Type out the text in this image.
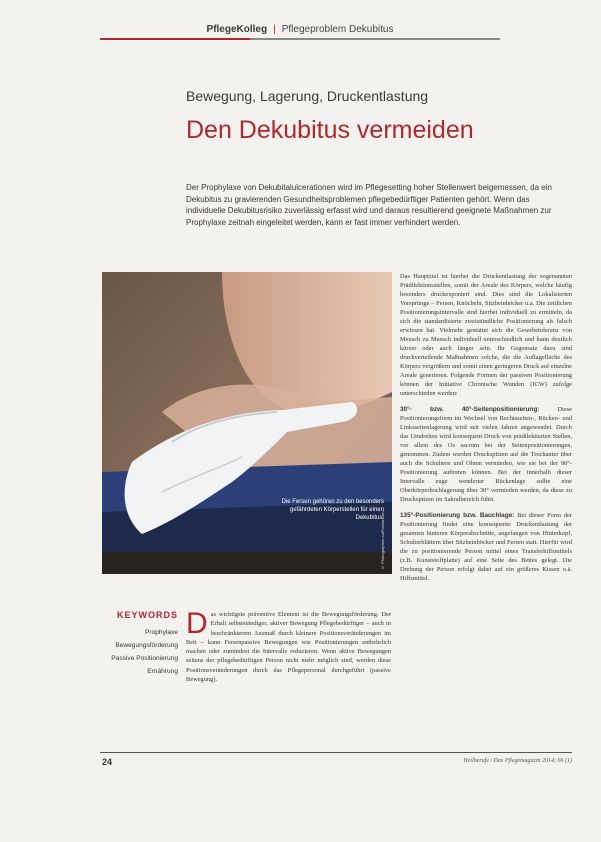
PflegeKolleg | Pflegeproblem Dekubitus
Bewegung, Lagerung, Druckentlastung
Den Dekubitus vermeiden
Der Prophylaxe von Dekubitalulcerationen wird im Pflegesetting hoher Stellenwert beigemessen, da ein Dekubitus zu gravierenden Gesundheitsproblemen pflegebedürftiger Patienten gehört. Wenn das individuelle Dekubitusrisiko zuverlässig erfasst wird und daraus resultierend geeignete Maßnahmen zur Prophylaxe zeitnah eingeleitet werden, kann er fast immer verhindert werden.
Die Fersen gehören zu den besonders gefährdeten Körperstellen für einen Dekubitus.
© Photographee.eu/Fotolia.com

Das Hauptziel ist hierbei die Druckentlastung der sogenannten Prädilektionsstellen, somit der Areale des Körpers, welche häufig besonders druckexponiert sind. Dies sind die Lokalisierten Vorsprünge – Fersen, Knöcheln, Sitzbeinhöcker u.a. Die zeitlichen Positionierungsintervalle sind hierbei individuell zu ermitteln, da sich die standardisierte zweistündliche Positionierung als falsch erwiesen hat. Vielmehr gestattet sich die Gewebetoleranz von Mensch zu Mensch individuell unterschiedlich und kann deutlich kürzer oder auch länger sein. Ihr Gegensatz dazu sind druckverteilende Maßnahmen solche, die die Auflagefläche des Körpers vergrößern und somit einen geringeren Druck auf einzelne Areale generieren. Folgende Formen der passiven Positionierung können der Initiative Chronische Wunden (ICW) zufolge unterschieden werden:

30°- bzw. 40°-Seitenpositionierung:	Diese Positionierungsform im Wechsel von Rechtsseiten-, Rücken- und Linksseitenlagerung wird seit vielen Jahren angewendet. Durch das Umdrehen wird konsequent Druck von prädilektierten Stellen, vor allem des Os sacrum bei der Seitenpositionierungen, genommen. Zudem werden Druckspitzen auf die Trochanter über auch die Schultern und Ohren vermieden, wie sie bei der 90°-Positionierung auftreten können. Bei der innerhalb dieser Intervalle zuge wenderter Rückenlage sollte eine Oberkörperhochlagerung über 30° vermieden werden, da diese zu Druckspitzen im Sakralbereich führt.

135°-Positionierung bzw. Bauchlage: Bei dieser Form der Positionierung findet eine konsequente Druckentlastung der gesamten hinteren Körperabschnitte, angefangen von Hinterkopf, Schulterblättern über Sitzbeinhöcker und Fersen statt. Hierfür wird die zu positionierende Person mittel eines Transferhilfsmittels (z.B. Kunststoffplatte) auf eine Seite des Bettes gelegt. Die Drehung der Person erfolgt dabei auf ein größeres Kissen o.ä. Hilfsmittel.

KEYWORDS
Prophylaxe
Bewegungsförderung
Passive Positionierung
Ernährung
Das wichtigste präventive Element ist die Bewegungsförderung. Der Erhalt selbstständiger, aktiver Bewegung Pflegebedürftiger – auch in beschränkterem Ausmaß durch kleinere Positionsveränderungen im Bett – kann Fersenpassive Bewegungen wie Positionierungen entbehrlich machen oder zumindest die Intervalle reduzieren. Wenn aktive Bewegungen seitens der pflegebedürftigen Person nicht mehr möglich sind, werden diese Positionsveränderungen durch das Pflegepersonal durchgeführt (passive Bewegung).
24	Heilberufe / Das Pflegemagazin 2014; 66 (1)
